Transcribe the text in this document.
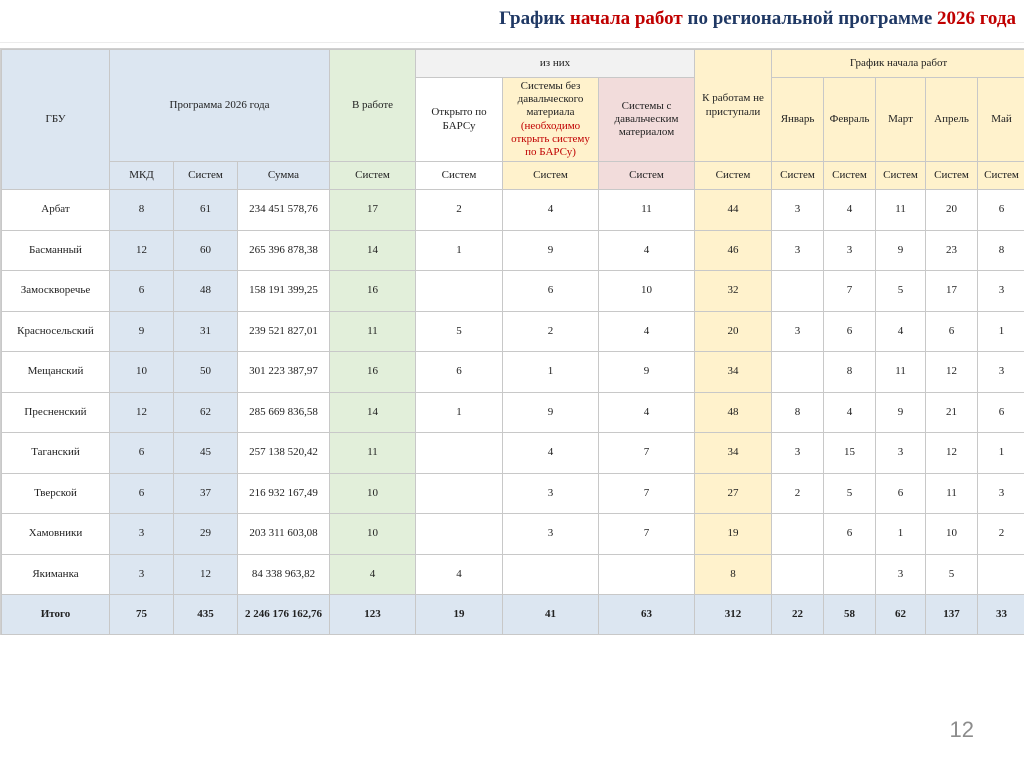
График начала работ по региональной программе 2026 года
ГБУ	Программа 2026 года			В работе	из них			К работам не приступали	График начала работ				
					Открыто по БАРСу	Системы без давальческого материала
(необходимо открыть систему по БАРСу)	Системы с давальческим материалом		Январь	Февраль	Март	Апрель	Май
	МКД	Систем	Сумма	Систем	Систем	Систем	Систем	Систем	Систем	Систем	Систем	Систем	Систем
Арбат	8	61	234 451 578,76	17	2	4	11	44	3	4	11	20	6
Басманный	12	60	265 396 878,38	14	1	9	4	46	3	3	9	23	8
Замоскворечье	6	48	158 191 399,25	16		6	10	32		7	5	17	3
Красносельский	9	31	239 521 827,01	11	5	2	4	20	3	6	4	6	1
Мещанский	10	50	301 223 387,97	16	6	1	9	34		8	11	12	3
Пресненский	12	62	285 669 836,58	14	1	9	4	48	8	4	9	21	6
Таганский	6	45	257 138 520,42	11		4	7	34	3	15	3	12	1
Тверской	6	37	216 932 167,49	10		3	7	27	2	5	6	11	3
Хамовники	3	29	203 311 603,08	10		3	7	19		6	1	10	2
Якиманка	3	12	84 338 963,82	4	4			8			3	5	
Итого	75	435	2 246 176 162,76	123	19	41	63	312	22	58	62	137	33
12
